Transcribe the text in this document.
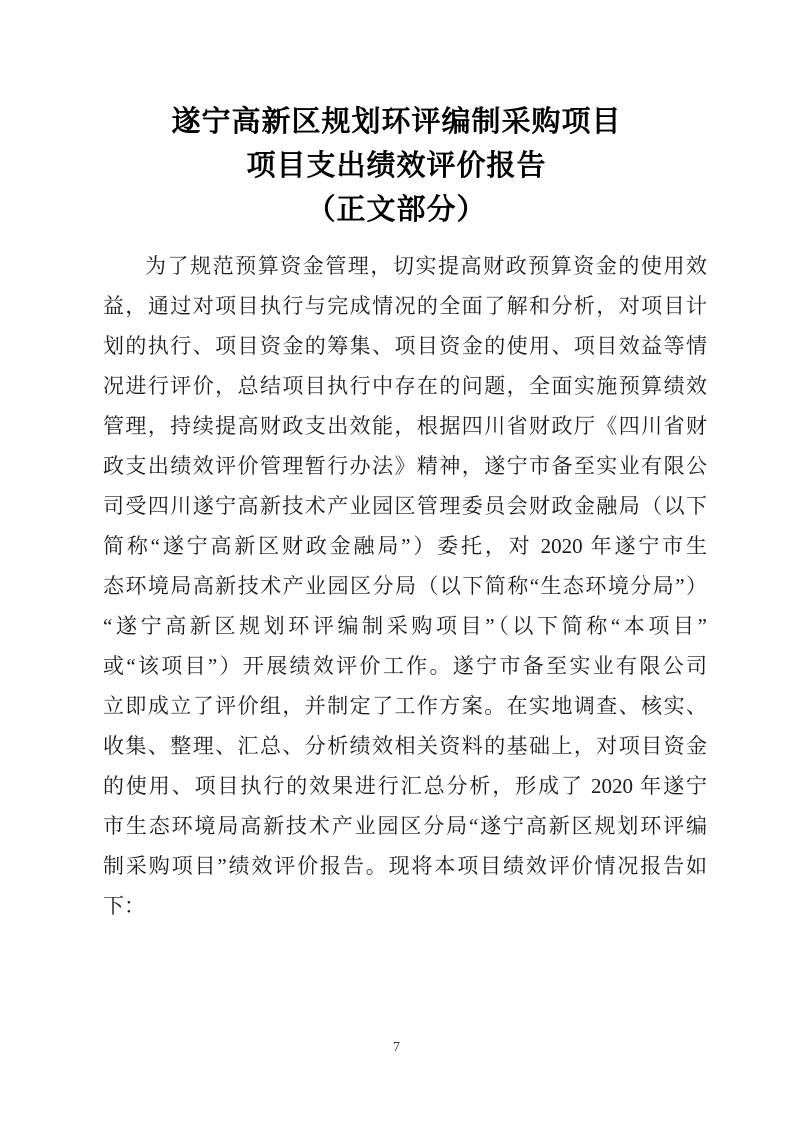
遂宁高新区规划环评编制采购项目
项目支出绩效评价报告
（正文部分）
为了规范预算资金管理，切实提高财政预算资金的使用效
益，通过对项目执行与完成情况的全面了解和分析，对项目计
划的执行、项目资金的筹集、项目资金的使用、项目效益等情
况进行评价，总结项目执行中存在的问题，全面实施预算绩效
管理，持续提高财政支出效能，根据四川省财政厅《四川省财
政支出绩效评价管理暂行办法》精神，遂宁市备至实业有限公
司受四川遂宁高新技术产业园区管理委员会财政金融局（以下
简称“遂宁高新区财政金融局”）委托，对 2020 年遂宁市生
态环境局高新技术产业园区分局（以下简称“生态环境分局”）
“遂宁高新区规划环评编制采购项目”（以下简称“本项目”
或“该项目”）开展绩效评价工作。遂宁市备至实业有限公司
立即成立了评价组，并制定了工作方案。在实地调查、核实、
收集、整理、汇总、分析绩效相关资料的基础上，对项目资金
的使用、项目执行的效果进行汇总分析，形成了 2020 年遂宁
市生态环境局高新技术产业园区分局“遂宁高新区规划环评编
制采购项目”绩效评价报告。现将本项目绩效评价情况报告如
下：
7
